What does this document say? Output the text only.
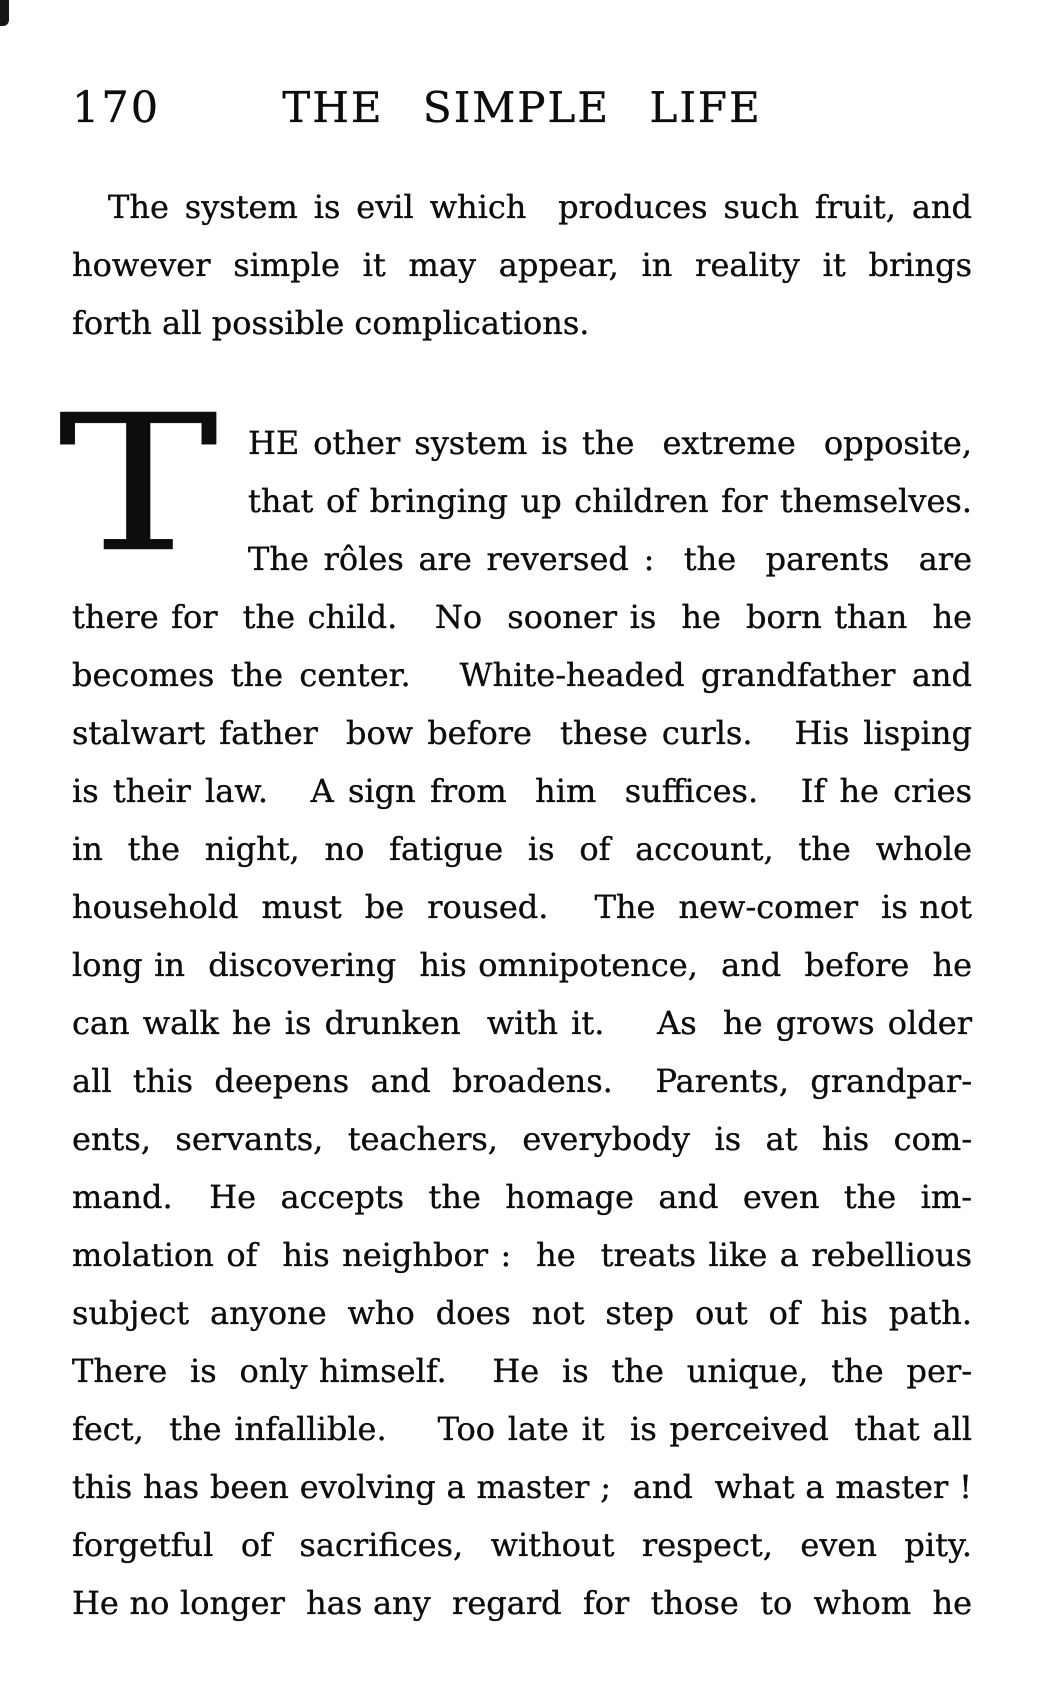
170	THE SIMPLE LIFE
The system is evil which  produces such fruit, and
however simple it may appear, in reality it brings
forth all possible complications.
T HE other system is the  extreme  opposite,
that of bringing up children for themselves.
The rôles are reversed :  the  parents  are
there for  the child.   No  sooner is  he  born than  he
becomes the center.   White-headed grandfather and
stalwart father  bow before  these curls.   His lisping
is their law.   A sign from  him  suffices.   If he cries
in  the  night,  no  fatigue  is  of  account,  the  whole
household  must  be  roused.    The  new-comer  is not
long in  discovering  his omnipotence,  and  before  he
can walk he is drunken  with it.    As  he grows older
all  this  deepens  and  broadens.    Parents,  grandpar-
ents,  servants,  teachers,  everybody  is  at  his  com-
mand.   He  accepts  the  homage  and  even  the  im-
molation of  his neighbor :  he  treats like a rebellious
subject  anyone  who  does  not  step  out  of  his  path.
There  is  only himself.    He  is  the  unique,  the  per-
fect,  the infallible.    Too late it  is perceived  that all
this has been evolving a master ;  and  what a master !
forgetful  of  sacrifices,  without  respect,  even  pity.
He no longer  has any  regard  for  those  to  whom  he
